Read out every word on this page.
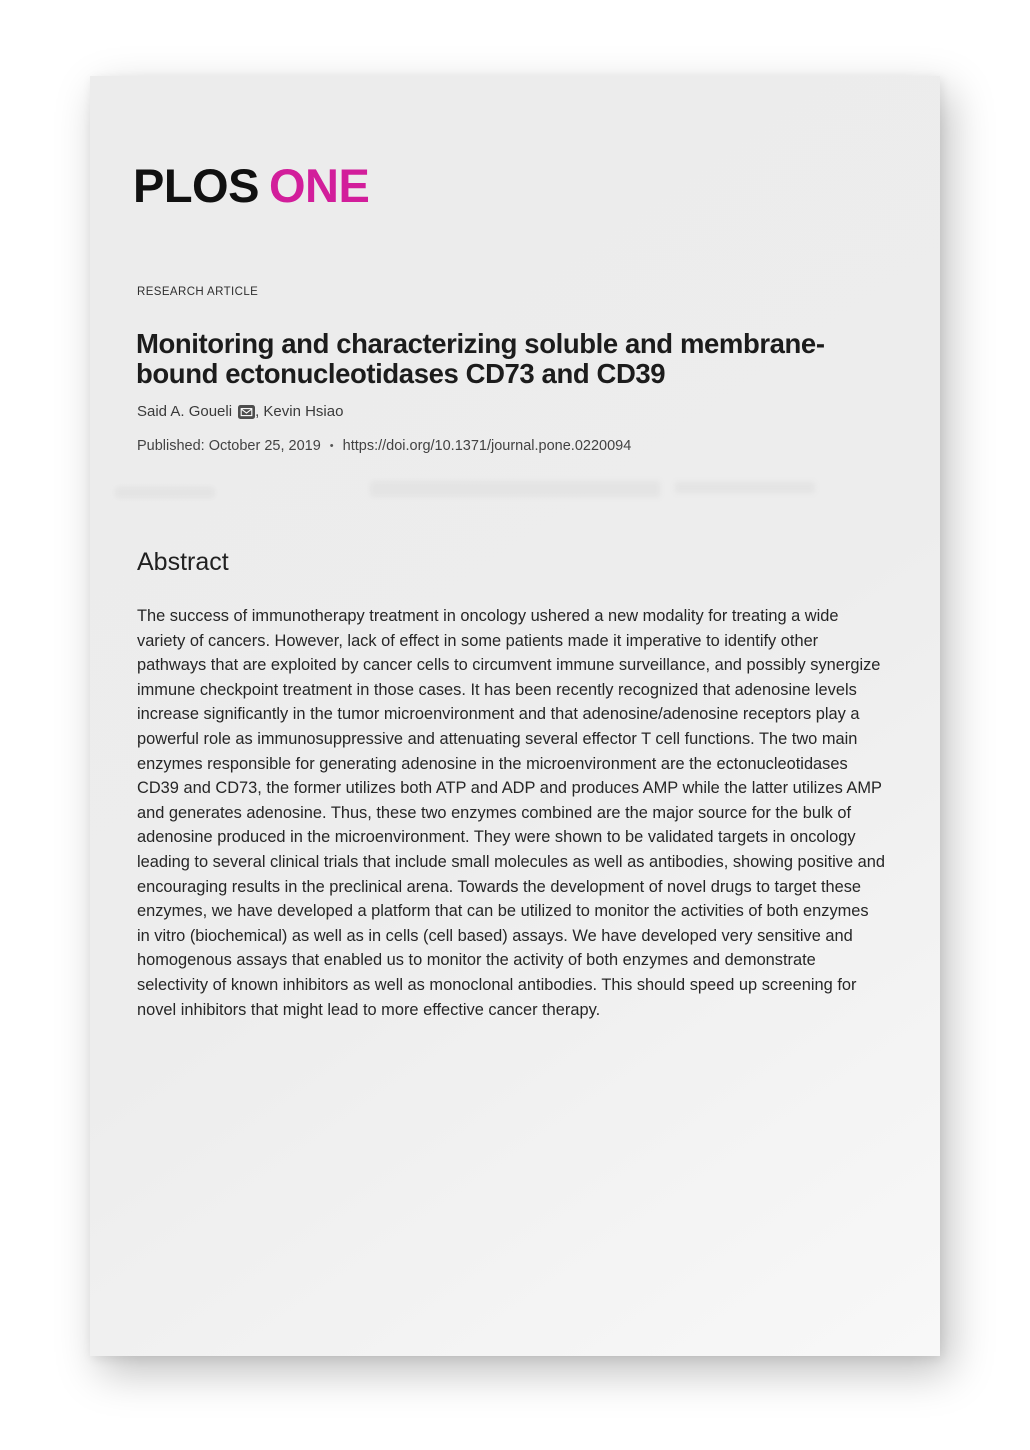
PLOS ONE
RESEARCH ARTICLE
Monitoring and characterizing soluble and membrane-
bound ectonucleotidases CD73 and CD39
Said A. Goueli , Kevin Hsiao
Published: October 25, 2019 • https://doi.org/10.1371/journal.pone.0220094
Abstract

The success of immunotherapy treatment in oncology ushered a new modality for treating a wide variety of cancers. However, lack of effect in some patients made it imperative to identify other pathways that are exploited by cancer cells to circumvent immune surveillance, and possibly synergize immune checkpoint treatment in those cases. It has been recently recognized that adenosine levels increase significantly in the tumor microenvironment and that adenosine/adenosine receptors play a powerful role as immunosuppressive and attenuating several effector T cell functions. The two main enzymes responsible for generating adenosine in the microenvironment are the ectonucleotidases CD39 and CD73, the former utilizes both ATP and ADP and produces AMP while the latter utilizes AMP and generates adenosine. Thus, these two enzymes combined are the major source for the bulk of adenosine produced in the microenvironment. They were shown to be validated targets in oncology leading to several clinical trials that include small molecules as well as antibodies, showing positive and encouraging results in the preclinical arena. Towards the development of novel drugs to target these enzymes, we have developed a platform that can be utilized to monitor the activities of both enzymes in vitro (biochemical) as well as in cells (cell based) assays. We have developed very sensitive and homogenous assays that enabled us to monitor the activity of both enzymes and demonstrate selectivity of known inhibitors as well as monoclonal antibodies. This should speed up screening for novel inhibitors that might lead to more effective cancer therapy.
